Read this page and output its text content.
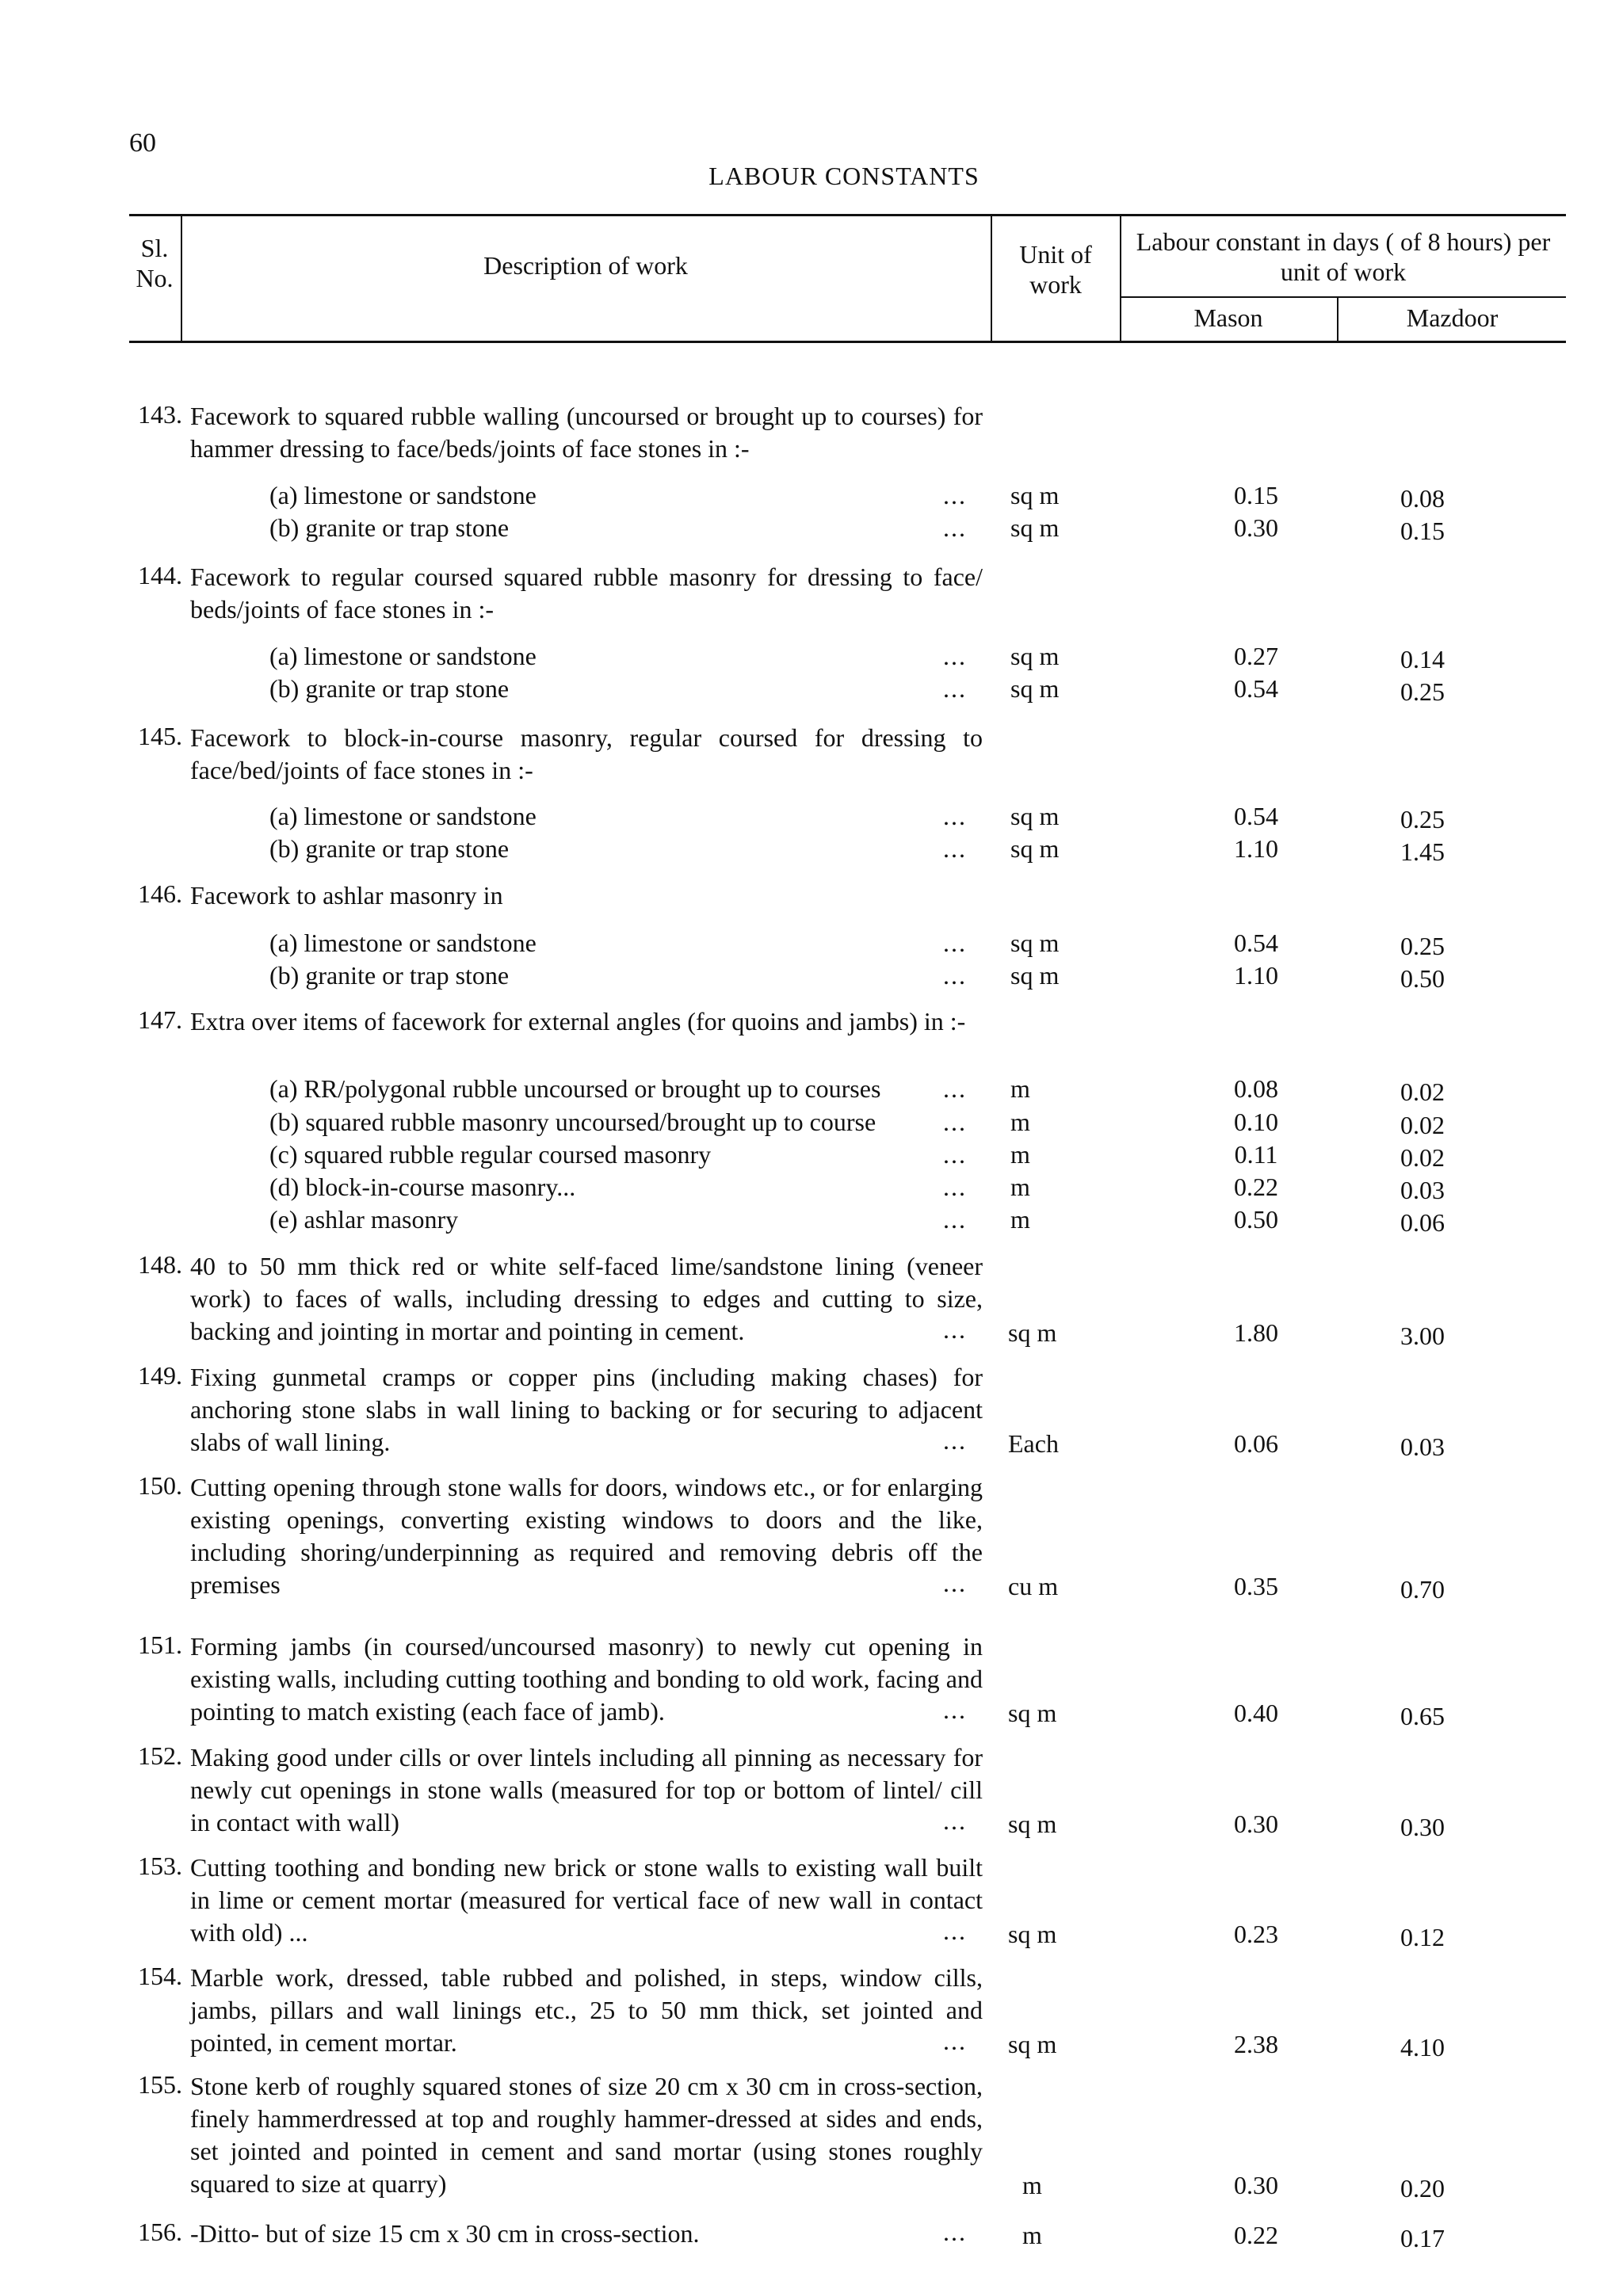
60
LABOUR CONSTANTS
Sl. No.	Description of work	Unit of work
Labour constant in days ( of 8 hours) per unit of work
Mason	Mazdoor
143. Facework to squared rubble walling (uncoursed or brought up to courses) for hammer dressing to face/beds/joints of face stones in :-
(a) limestone or sandstone	...	sq m	0.15	0.08
(b) granite or trap stone	...	sq m	0.30	0.15
144. Facework to regular coursed squared rubble masonry for dressing to face/ beds/joints of face stones in :-
(a) limestone or sandstone	...	sq m	0.27	0.14
(b) granite or trap stone	...	sq m	0.54	0.25
145. Facework to block-in-course masonry, regular coursed for dressing to face/bed/joints of face stones in :-
(a) limestone or sandstone	...	sq m	0.54	0.25
(b) granite or trap stone	...	sq m	1.10	1.45
146. Facework to ashlar masonry in
(a) limestone or sandstone	...	sq m	0.54	0.25
(b) granite or trap stone	...	sq m	1.10	0.50
147. Extra over items of facework for external angles (for quoins and jambs) in :-
(a) RR/polygonal rubble uncoursed or brought up to courses	...	m	0.08	0.02
(b) squared rubble masonry uncoursed/brought up to course	...	m	0.10	0.02
(c) squared rubble regular coursed masonry	...	m	0.11	0.02
(d) block-in-course masonry...	...	m	0.22	0.03
(e) ashlar masonry	...	m	0.50	0.06
148. 40 to 50 mm thick red or white self-faced lime/sandstone lining (veneer work) to faces of walls, including dressing to edges and cutting to size, backing and jointing in mortar and pointing in cement.	...	sq m	1.80	3.00
149. Fixing gunmetal cramps or copper pins (including making chases) for anchoring stone slabs in wall lining to backing or for securing to adjacent slabs of wall lining.	...	Each	0.06	0.03
150. Cutting opening through stone walls for doors, windows etc., or for enlarging existing openings, converting existing windows to doors and the like, including shoring/underpinning as required and removing debris off the premises	...	cu m	0.35	0.70
151. Forming jambs (in coursed/uncoursed masonry) to newly cut opening in existing walls, including cutting toothing and bonding to old work, facing and pointing to match existing (each face of jamb).	...	sq m	0.40	0.65
152. Making good under cills or over lintels including all pinning as necessary for newly cut openings in stone walls (measured for top or bottom of lintel/ cill in contact with wall)	...	sq m	0.30	0.30
153. Cutting toothing and bonding new brick or stone walls to existing wall built in lime or cement mortar (measured for vertical face of new wall in contact with old) ...	...	sq m	0.23	0.12
154. Marble work, dressed, table rubbed and polished, in steps, window cills, jambs, pillars and wall linings etc., 25 to 50 mm thick, set jointed and pointed, in cement mortar.	...	sq m	2.38	4.10
155. Stone kerb of roughly squared stones of size 20 cm x 30 cm in cross-section, finely hammerdressed at top and roughly hammer-dressed at sides and ends, set jointed and pointed in cement and sand mortar (using stones roughly squared to size at quarry)	m	0.30	0.20
156. -Ditto- but of size 15 cm x 30 cm in cross-section.	...	m	0.22	0.17
